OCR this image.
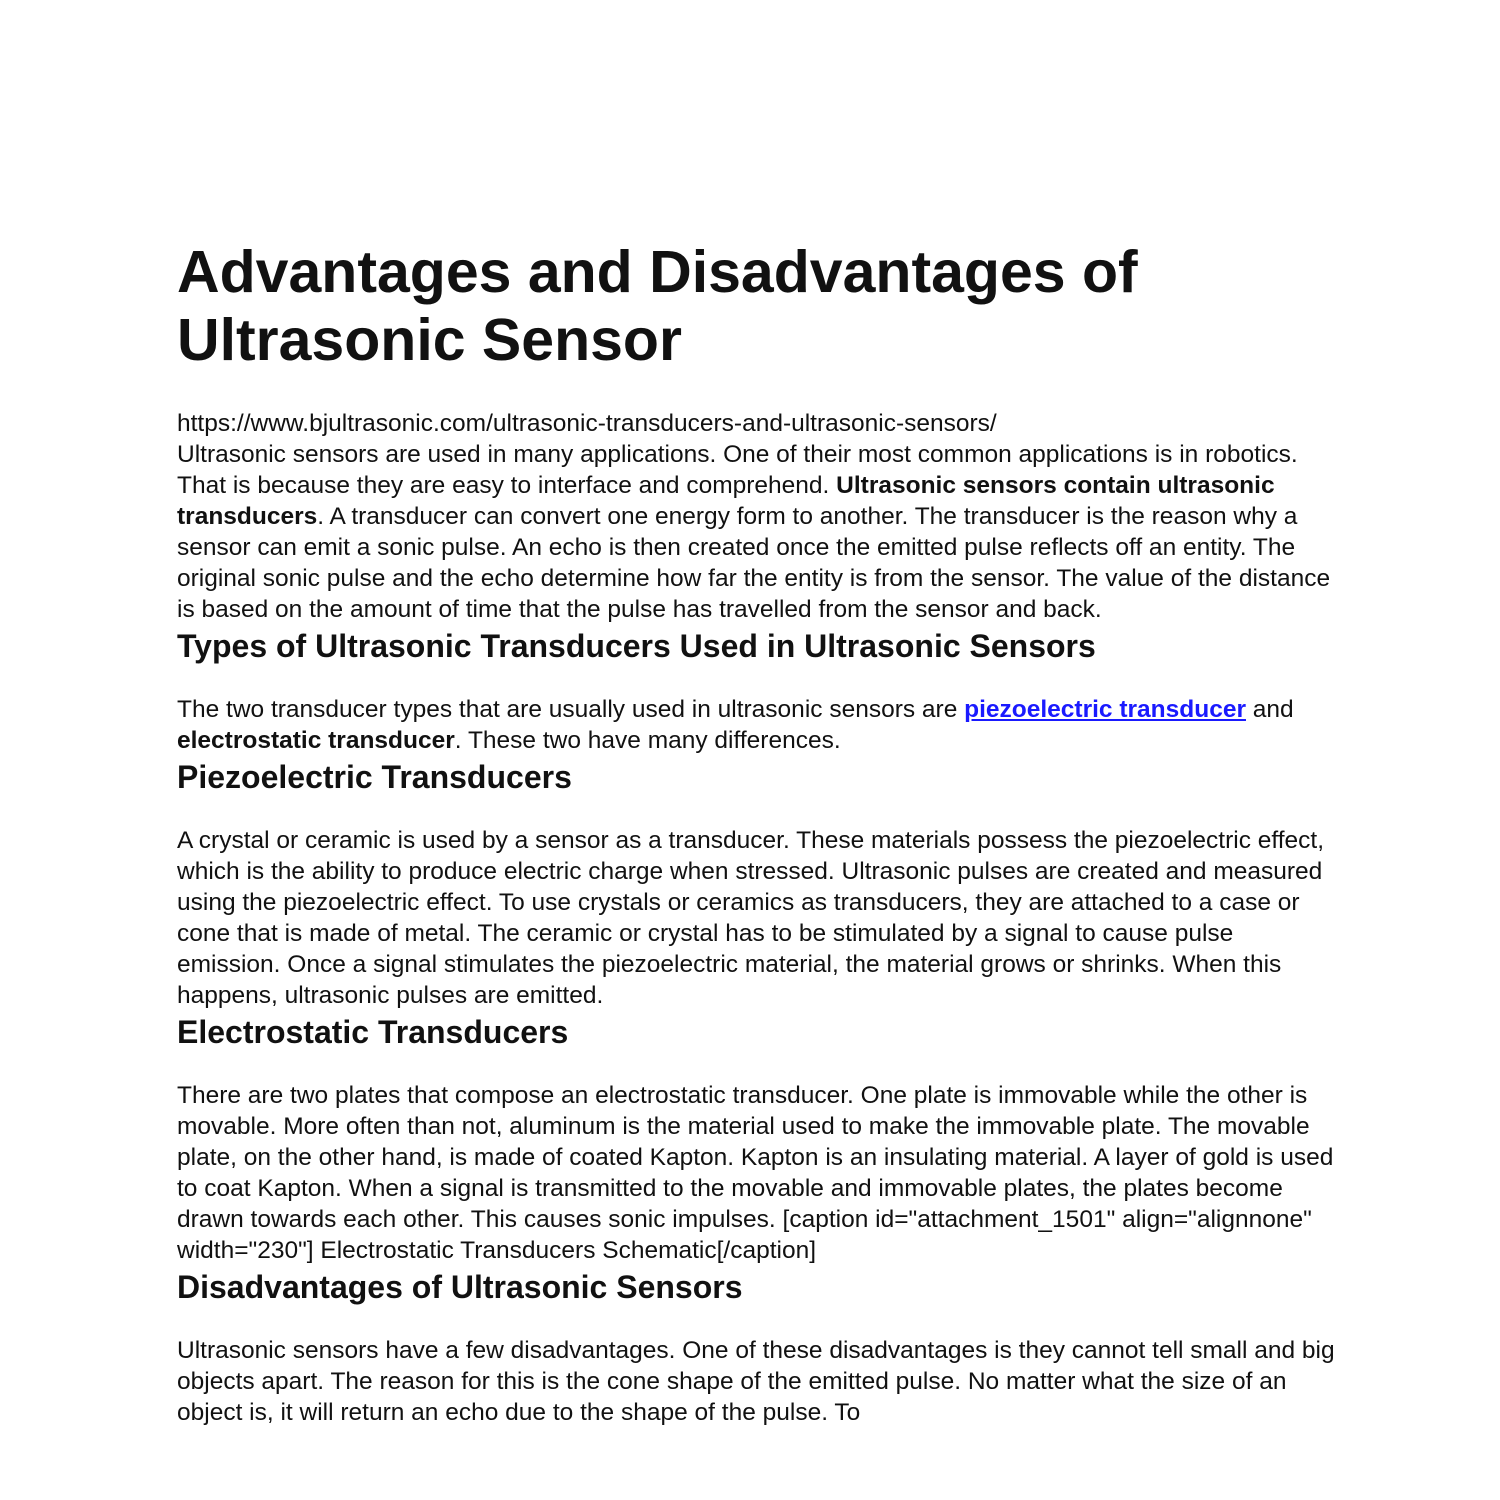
Advantages and Disadvantages of Ultrasonic Sensor

https://www.bjultrasonic.com/ultrasonic-transducers-and-ultrasonic-sensors/
Ultrasonic sensors are used in many applications. One of their most common applications is in robotics. That is because they are easy to interface and comprehend. Ultrasonic sensors contain ultrasonic transducers. A transducer can convert one energy form to another. The transducer is the reason why a sensor can emit a sonic pulse. An echo is then created once the emitted pulse reflects off an entity. The original sonic pulse and the echo determine how far the entity is from the sensor. The value of the distance is based on the amount of time that the pulse has travelled from the sensor and back.

Types of Ultrasonic Transducers Used in Ultrasonic Sensors

The two transducer types that are usually used in ultrasonic sensors are piezoelectric transducer and electrostatic transducer. These two have many differences.

Piezoelectric Transducers

A crystal or ceramic is used by a sensor as a transducer. These materials possess the piezoelectric effect, which is the ability to produce electric charge when stressed. Ultrasonic pulses are created and measured using the piezoelectric effect. To use crystals or ceramics as transducers, they are attached to a case or cone that is made of metal. The ceramic or crystal has to be stimulated by a signal to cause pulse emission. Once a signal stimulates the piezoelectric material, the material grows or shrinks. When this happens, ultrasonic pulses are emitted.

Electrostatic Transducers

There are two plates that compose an electrostatic transducer. One plate is immovable while the other is movable. More often than not, aluminum is the material used to make the immovable plate. The movable plate, on the other hand, is made of coated Kapton. Kapton is an insulating material. A layer of gold is used to coat Kapton. When a signal is transmitted to the movable and immovable plates, the plates become drawn towards each other. This causes sonic impulses. [caption id="attachment_1501" align="alignnone" width="230"] Electrostatic Transducers Schematic[/caption]

Disadvantages of Ultrasonic Sensors

Ultrasonic sensors have a few disadvantages. One of these disadvantages is they cannot tell small and big objects apart. The reason for this is the cone shape of the emitted pulse. No matter what the size of an object is, it will return an echo due to the shape of the pulse. To
